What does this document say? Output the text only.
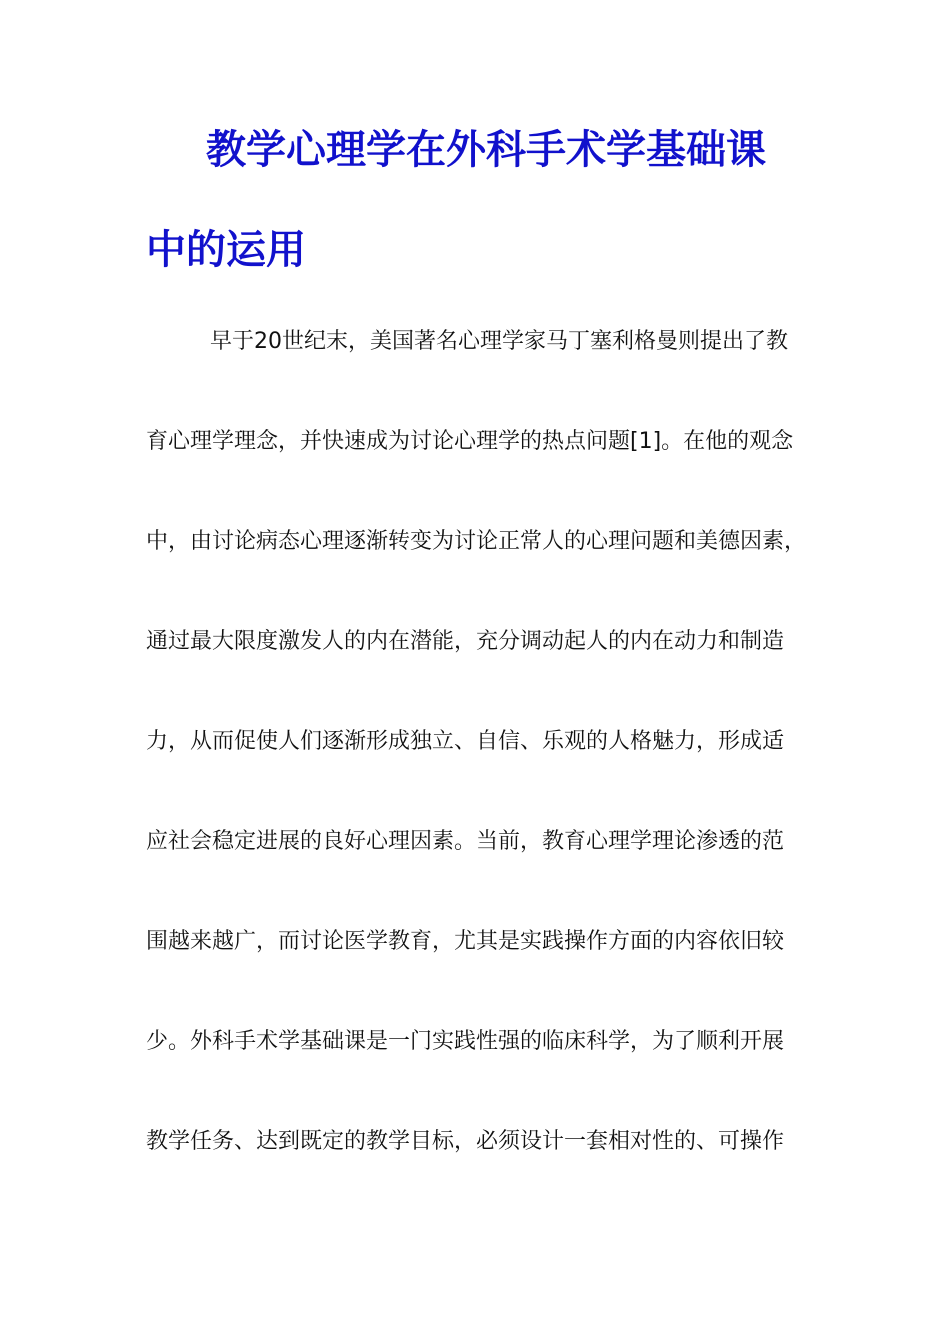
教学心理学在外科手术学基础课
中的运用
早于20世纪末，美国著名心理学家马丁塞利格曼则提出了教
育心理学理念，并快速成为讨论心理学的热点问题[1]。在他的观念
中，由讨论病态心理逐渐转变为讨论正常人的心理问题和美德因素，
通过最大限度激发人的内在潜能，充分调动起人的内在动力和制造
力，从而促使人们逐渐形成独立、自信、乐观的人格魅力，形成适
应社会稳定进展的良好心理因素。当前，教育心理学理论渗透的范
围越来越广，而讨论医学教育，尤其是实践操作方面的内容依旧较
少。外科手术学基础课是一门实践性强的临床科学，为了顺利开展
教学任务、达到既定的教学目标，必须设计一套相对性的、可操作
